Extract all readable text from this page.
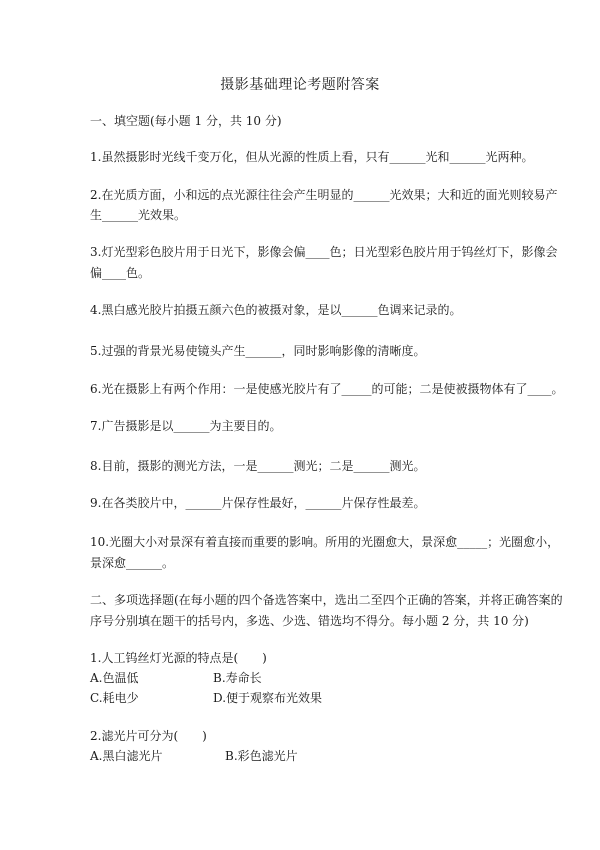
摄影基础理论考题附答案
一、填空题(每小题 1 分，共 10 分)
1.虽然摄影时光线千变万化，但从光源的性质上看，只有______光和______光两种。
2.在光质方面，小和远的点光源往往会产生明显的______光效果；大和近的面光则较易产
生______光效果。
3.灯光型彩色胶片用于日光下，影像会偏____色；日光型彩色胶片用于钨丝灯下，影像会
偏____色。
4.黑白感光胶片拍摄五颜六色的被摄对象，是以______色调来记录的。
5.过强的背景光易使镜头产生______，同时影响影像的清晰度。
6.光在摄影上有两个作用：一是使感光胶片有了_____的可能；二是使被摄物体有了____。
7.广告摄影是以______为主要目的。
8.目前，摄影的测光方法，一是______测光；二是______测光。
9.在各类胶片中，______片保存性最好，______片保存性最差。
10.光圈大小对景深有着直接而重要的影响。所用的光圈愈大，景深愈_____；光圈愈小，
景深愈______。
二、多项选择题(在每小题的四个备选答案中，选出二至四个正确的答案，并将正确答案的
序号分别填在题干的括号内，多选、少选、错选均不得分。每小题 2 分，共 10 分)
1.人工钨丝灯光源的特点是(　　)
A.色温低	B.寿命长
C.耗电少	D.便于观察布光效果
2.滤光片可分为(　　)
A.黑白滤光片	B.彩色滤光片
